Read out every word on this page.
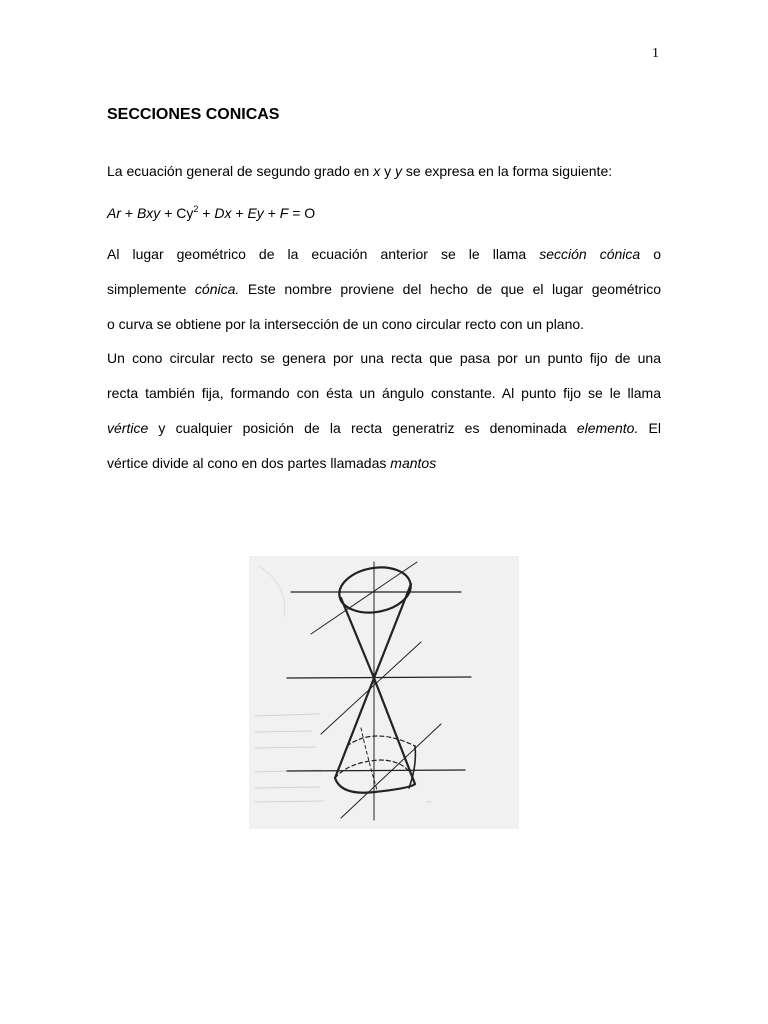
1
SECCIONES CONICAS

La ecuación general de segundo grado en x y y se expresa en la forma siguiente:

Ar + Bxy + $Cy^2 + Dx + Ey + F = O$

Al lugar geométrico de la ecuación anterior se le llama sección cónica o

simplemente cónica. Este nombre proviene del hecho de que el lugar geométrico

o curva se obtiene por la intersección de un cono circular recto con un plano.

Un cono circular recto se genera por una recta que pasa por un punto fijo de una

recta también fija, formando con ésta un ángulo constante. Al punto fijo se le llama

vértice y cualquier posición de la recta generatriz es denominada elemento. El

vértice divide al cono en dos partes llamadas mantos
